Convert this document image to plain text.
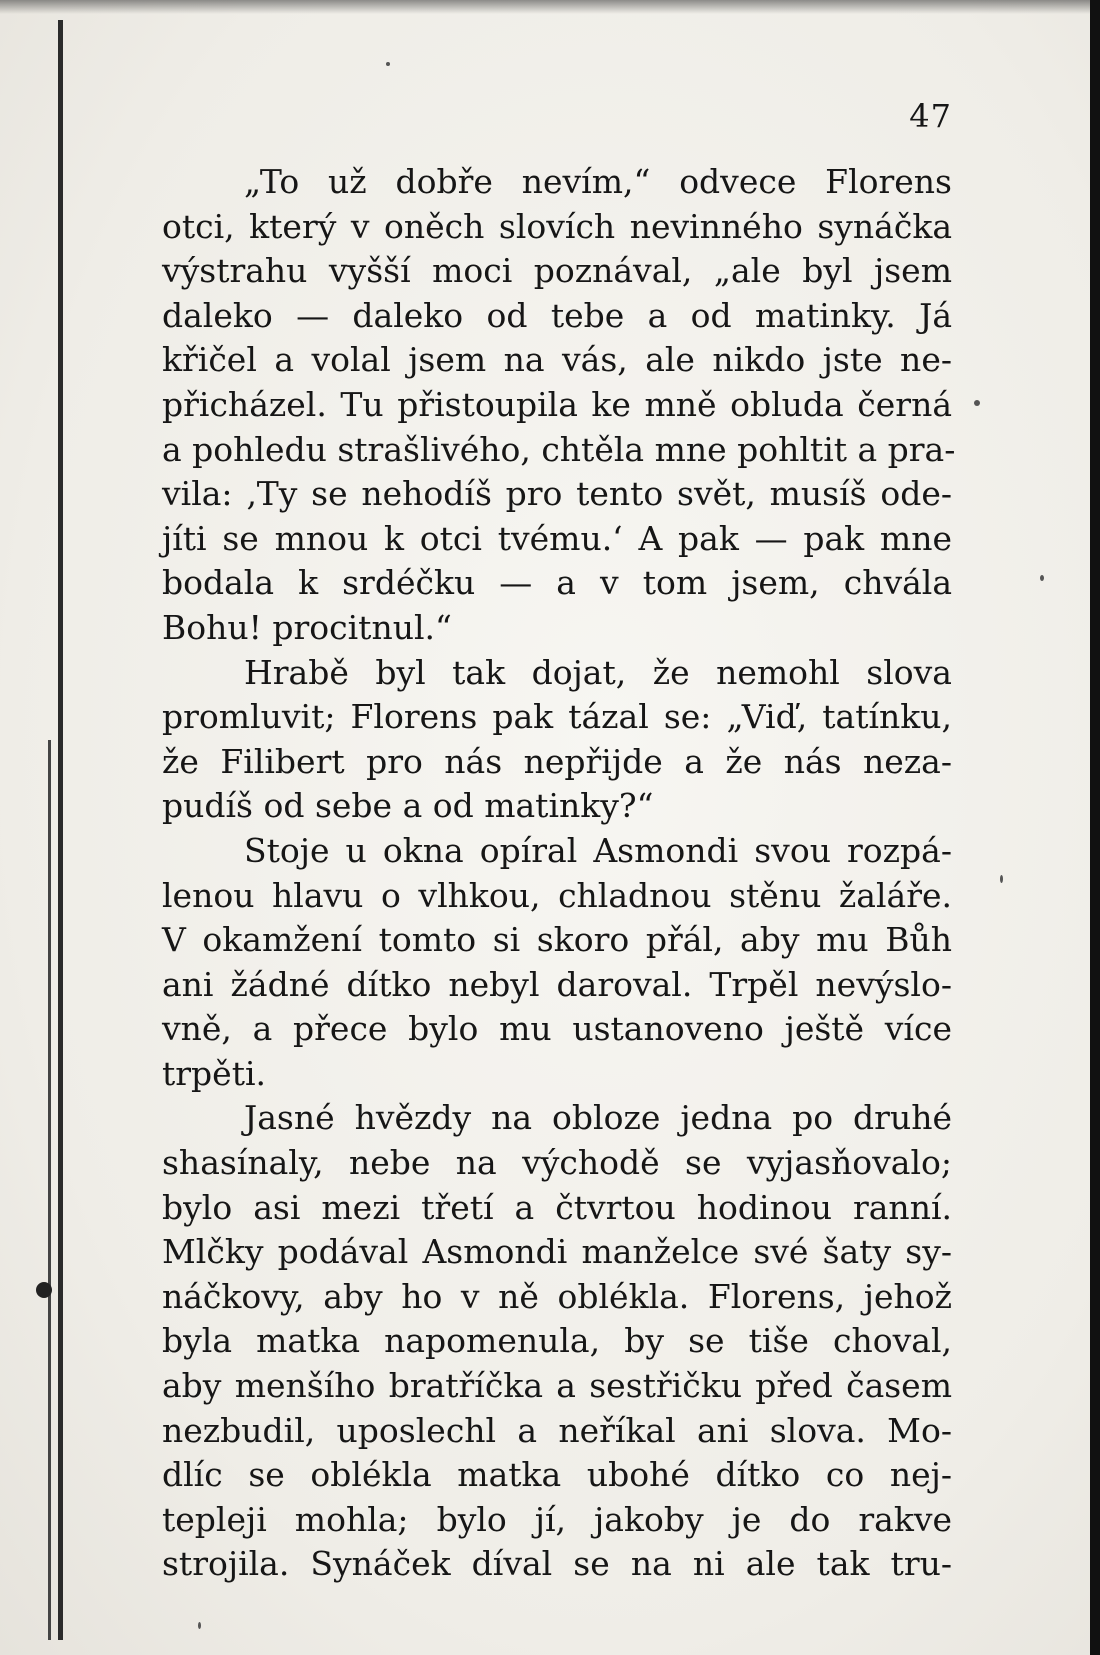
47
„To už dobře nevím,“ odvece Florens
otci, který v oněch slovích nevinného synáčka
výstrahu vyšší moci poznával, „ale byl jsem
daleko — daleko od tebe a od matinky. Já
křičel a volal jsem na vás, ale nikdo jste ne-
přicházel. Tu přistoupila ke mně obluda černá
a pohledu strašlivého, chtěla mne pohltit a pra-
vila: ‚Ty se nehodíš pro tento svět, musíš ode-
jíti se mnou k otci tvému.‘ A pak — pak mne
bodala k srdéčku — a v tom jsem, chvála
Bohu! procitnul.“
Hrabě byl tak dojat, že nemohl slova
promluvit; Florens pak tázal se: „Viď, tatínku,
že Filibert pro nás nepřijde a že nás neza-
pudíš od sebe a od matinky?“
Stoje u okna opíral Asmondi svou rozpá-
lenou hlavu o vlhkou, chladnou stěnu žaláře.
V okamžení tomto si skoro přál, aby mu Bůh
ani žádné dítko nebyl daroval. Trpěl nevýslo-
vně, a přece bylo mu ustanoveno ještě více
trpěti.
Jasné hvězdy na obloze jedna po druhé
shasínaly, nebe na východě se vyjasňovalo;
bylo asi mezi třetí a čtvrtou hodinou ranní.
Mlčky podával Asmondi manželce své šaty sy-
náčkovy, aby ho v ně oblékla. Florens, jehož
byla matka napomenula, by se tiše choval,
aby menšího bratříčka a sestřičku před časem
nezbudil, uposlechl a neříkal ani slova. Mo-
dlíc se oblékla matka ubohé dítko co nej-
tepleji mohla; bylo jí, jakoby je do rakve
strojila. Synáček díval se na ni ale tak tru-
